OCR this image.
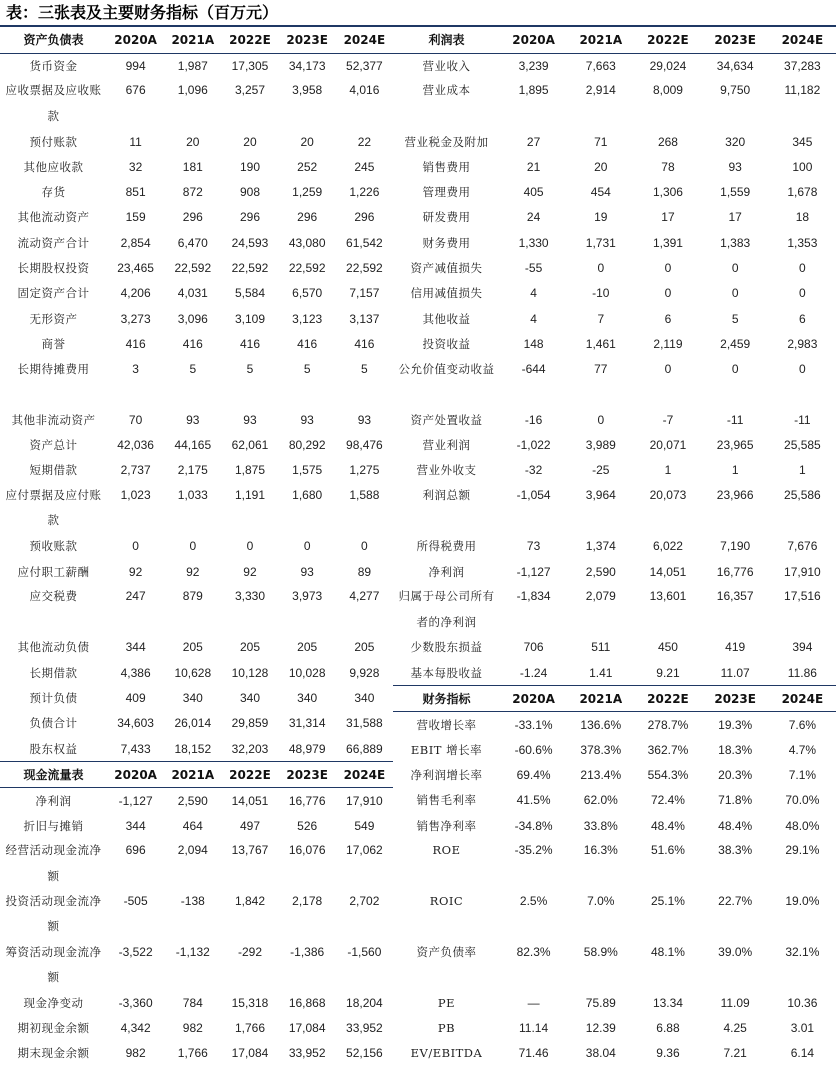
表：三张表及主要财务指标（百万元）
资产负债表	2020A	2021A	2022E	2023E	2024E
货币资金	994	1,987	17,305	34,173	52,377
应收票据及应收账款	676	1,096	3,257	3,958	4,016
预付账款	11	20	20	20	22
其他应收款	32	181	190	252	245
存货	851	872	908	1,259	1,226
其他流动资产	159	296	296	296	296
流动资产合计	2,854	6,470	24,593	43,080	61,542
长期股权投资	23,465	22,592	22,592	22,592	22,592
固定资产合计	4,206	4,031	5,584	6,570	7,157
无形资产	3,273	3,096	3,109	3,123	3,137
商誉	416	416	416	416	416
长期待摊费用	3	5	5	5	5
其他非流动资产	70	93	93	93	93
资产总计	42,036	44,165	62,061	80,292	98,476
短期借款	2,737	2,175	1,875	1,575	1,275
应付票据及应付账款	1,023	1,033	1,191	1,680	1,588
预收账款	0	0	0	0	0
应付职工薪酬	92	92	92	93	89
应交税费	247	879	3,330	3,973	4,277
其他流动负债	344	205	205	205	205
长期借款	4,386	10,628	10,128	10,028	9,928
预计负债	409	340	340	340	340
负债合计	34,603	26,014	29,859	31,314	31,588
股东权益	7,433	18,152	32,203	48,979	66,889
现金流量表	2020A	2021A	2022E	2023E	2024E
净利润	-1,127	2,590	14,051	16,776	17,910
折旧与摊销	344	464	497	526	549
经营活动现金流净额	696	2,094	13,767	16,076	17,062
投资活动现金流净额	-505	-138	1,842	2,178	2,702
筹资活动现金流净额	-3,522	-1,132	-292	-1,386	-1,560
现金净变动	-3,360	784	15,318	16,868	18,204
期初现金余额	4,342	982	1,766	17,084	33,952
期末现金余额	982	1,766	17,084	33,952	52,156
利润表	2020A	2021A	2022E	2023E	2024E
营业收入	3,239	7,663	29,024	34,634	37,283
营业成本	1,895	2,914	8,009	9,750	11,182
营业税金及附加	27	71	268	320	345
销售费用	21	20	78	93	100
管理费用	405	454	1,306	1,559	1,678
研发费用	24	19	17	17	18
财务费用	1,330	1,731	1,391	1,383	1,353
资产减值损失	-55	0	0	0	0
信用减值损失	4	-10	0	0	0
其他收益	4	7	6	5	6
投资收益	148	1,461	2,119	2,459	2,983
公允价值变动收益	-644	77	0	0	0
资产处置收益	-16	0	-7	-11	-11
营业利润	-1,022	3,989	20,071	23,965	25,585
营业外收支	-32	-25	1	1	1
利润总额	-1,054	3,964	20,073	23,966	25,586
所得税费用	73	1,374	6,022	7,190	7,676
净利润	-1,127	2,590	14,051	16,776	17,910
归属于母公司所有者的净利润	-1,834	2,079	13,601	16,357	17,516
少数股东损益	706	511	450	419	394
基本每股收益	-1.24	1.41	9.21	11.07	11.86
财务指标	2020A	2021A	2022E	2023E	2024E
营收增长率	-33.1%	136.6%	278.7%	19.3%	7.6%
EBIT 增长率	-60.6%	378.3%	362.7%	18.3%	4.7%
净利润增长率	69.4%	213.4%	554.3%	20.3%	7.1%
销售毛利率	41.5%	62.0%	72.4%	71.8%	70.0%
销售净利率	-34.8%	33.8%	48.4%	48.4%	48.0%
ROE	-35.2%	16.3%	51.6%	38.3%	29.1%
ROIC	2.5%	7.0%	25.1%	22.7%	19.0%
资产负债率	82.3%	58.9%	48.1%	39.0%	32.1%
PE	—	75.89	13.34	11.09	10.36
PB	11.14	12.39	6.88	4.25	3.01
EV/EBITDA	71.46	38.04	9.36	7.21	6.14
